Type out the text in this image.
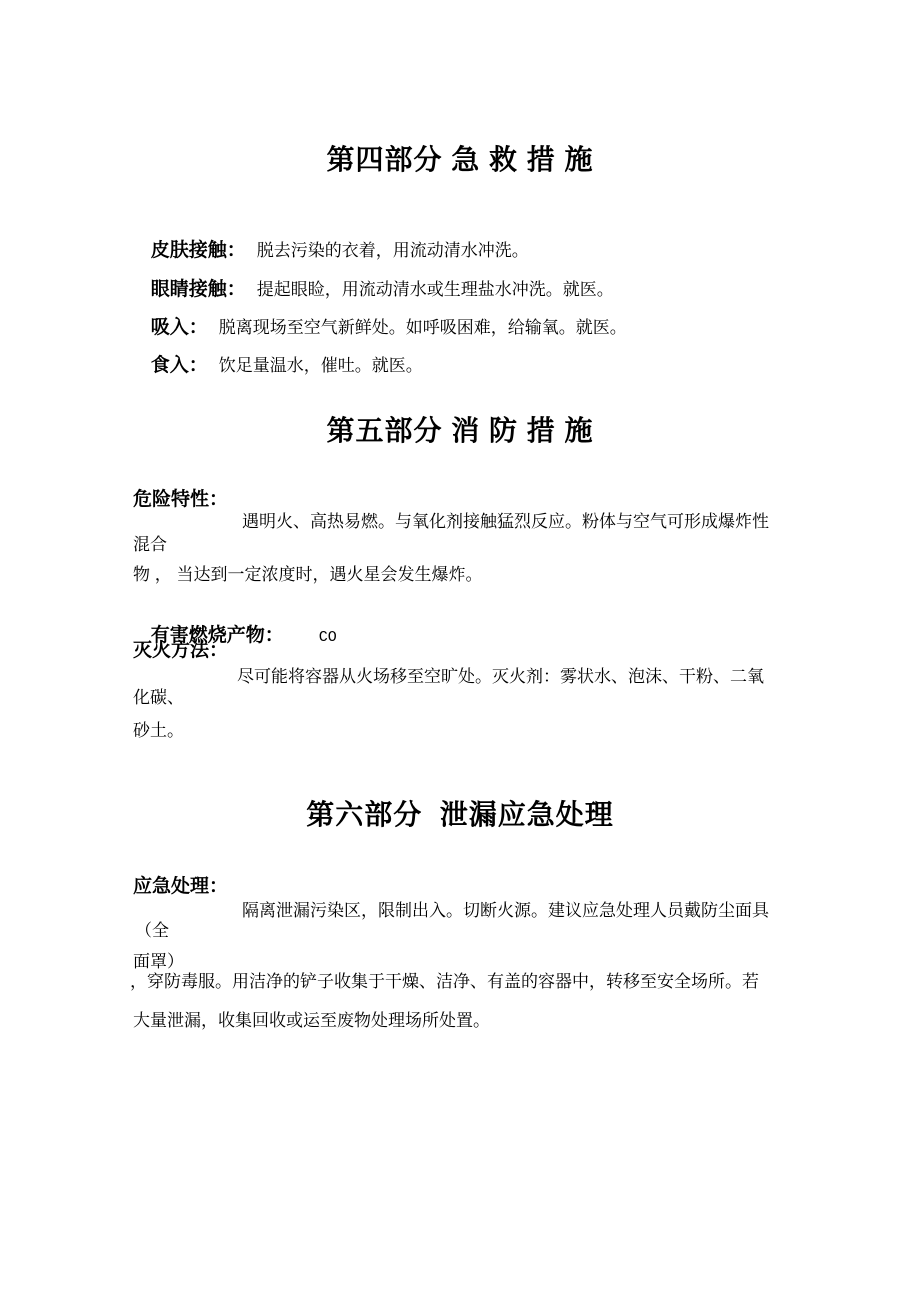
第四部分 急 救 措 施

皮肤接触： 脱去污染的衣着，用流动清水冲洗。

眼睛接触： 提起眼睑，用流动清水或生理盐水冲洗。就医。

吸入： 脱离现场至空气新鲜处。如呼吸困难，给输氧。就医。

食入： 饮足量温水，催吐。就医。

第五部分 消 防 措 施
危险特性：
遇明火、高热易燃。与氧化剂接触猛烈反应。粉体与空气可形成爆炸性
混合
物 ， 当达到一定浓度时，遇火星会发生爆炸。

有害燃烧产物： CO

灭火方法：
尽可能将容器从火场移至空旷处。灭火剂：雾状水、泡沫、干粉、二氧
化碳、
砂土。
第六部分  泄漏应急处理
应急处理：
隔离泄漏污染区，限制出入。切断火源。建议应急处理人员戴防尘面具
（全
面罩）
，穿防毒服。用洁净的铲子收集于干燥、洁净、有盖的容器中，转移至安全场所。若
大量泄漏，收集回收或运至废物处理场所处置。
